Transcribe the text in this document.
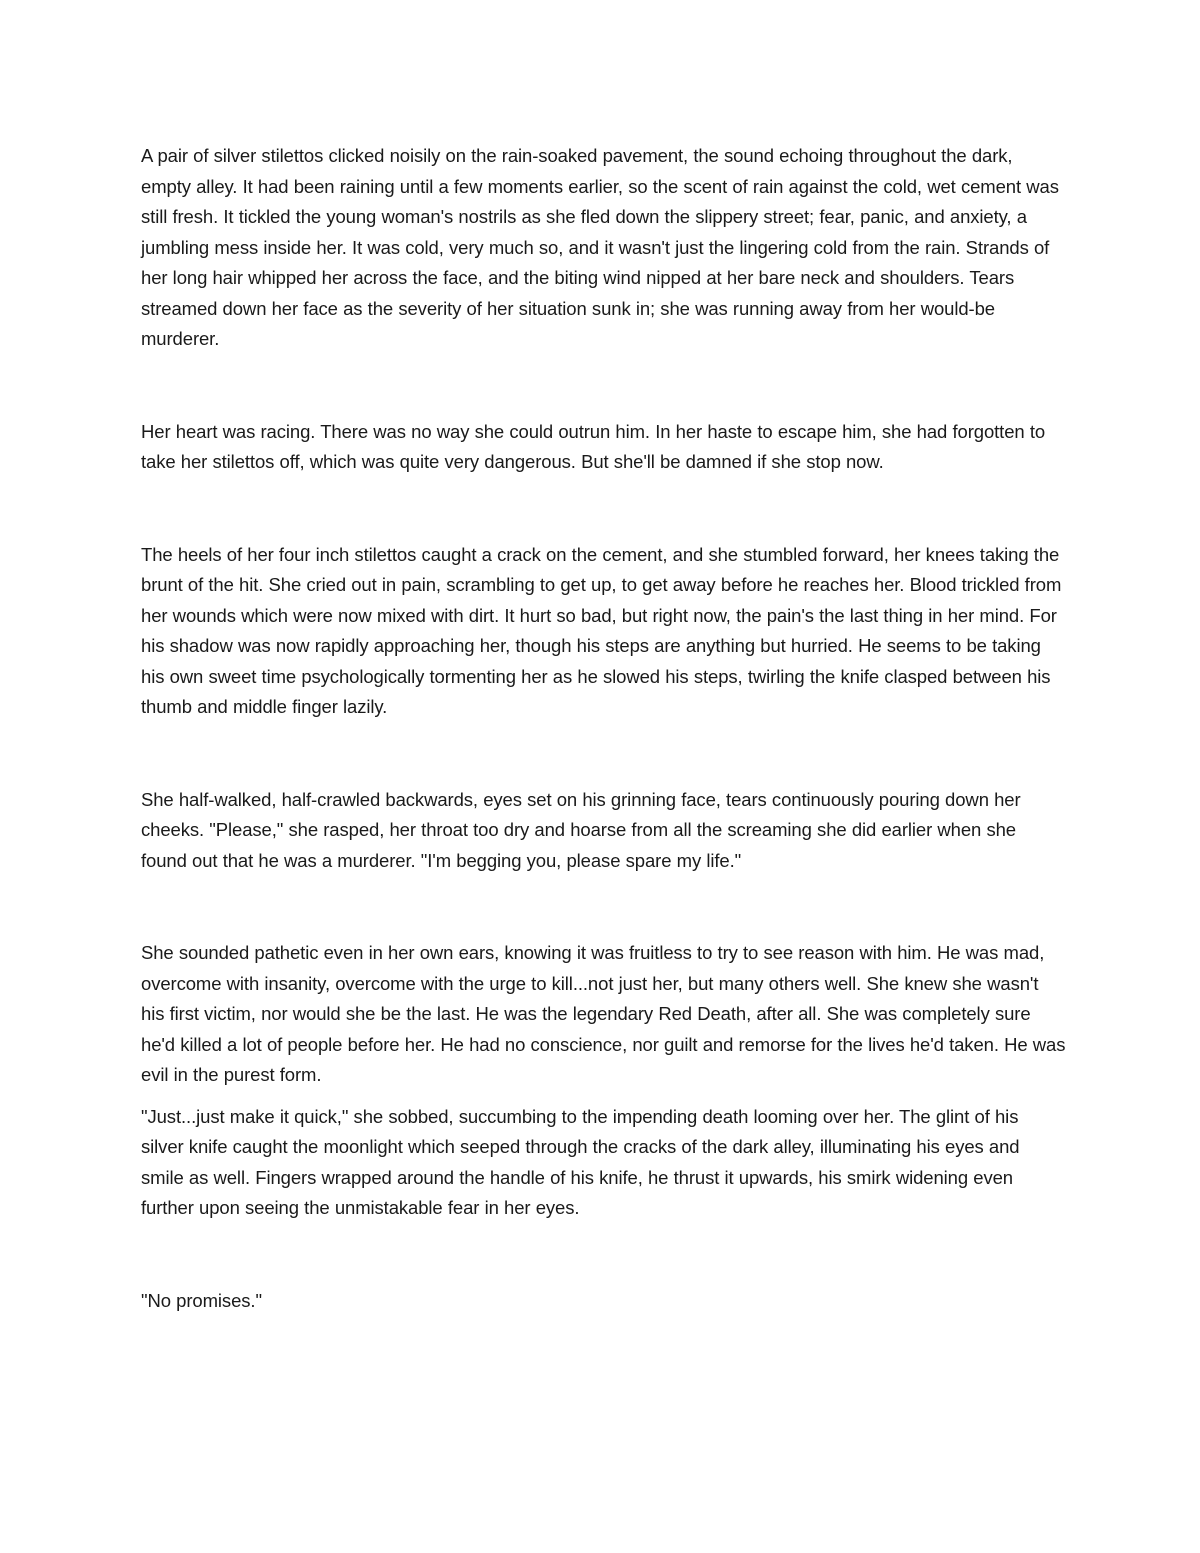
A pair of silver stilettos clicked noisily on the rain-soaked pavement, the sound echoing throughout the dark, empty alley. It had been raining until a few moments earlier, so the scent of rain against the cold, wet cement was still fresh. It tickled the young woman's nostrils as she fled down the slippery street; fear, panic, and anxiety, a jumbling mess inside her. It was cold, very much so, and it wasn't just the lingering cold from the rain. Strands of her long hair whipped her across the face, and the biting wind nipped at her bare neck and shoulders. Tears streamed down her face as the severity of her situation sunk in; she was running away from her would-be murderer.

Her heart was racing. There was no way she could outrun him. In her haste to escape him, she had forgotten to take her stilettos off, which was quite very dangerous. But she'll be damned if she stop now.

The heels of her four inch stilettos caught a crack on the cement, and she stumbled forward, her knees taking the brunt of the hit. She cried out in pain, scrambling to get up, to get away before he reaches her. Blood trickled from her wounds which were now mixed with dirt. It hurt so bad, but right now, the pain's the last thing in her mind. For his shadow was now rapidly approaching her, though his steps are anything but hurried. He seems to be taking his own sweet time psychologically tormenting her as he slowed his steps, twirling the knife clasped between his thumb and middle finger lazily.

She half-walked, half-crawled backwards, eyes set on his grinning face, tears continuously pouring down her cheeks. "Please," she rasped, her throat too dry and hoarse from all the screaming she did earlier when she found out that he was a murderer. "I'm begging you, please spare my life."

She sounded pathetic even in her own ears, knowing it was fruitless to try to see reason with him. He was mad, overcome with insanity, overcome with the urge to kill...not just her, but many others well. She knew she wasn't his first victim, nor would she be the last. He was the legendary Red Death, after all. She was completely sure he'd killed a lot of people before her. He had no conscience, nor guilt and remorse for the lives he'd taken. He was evil in the purest form.

"Just...just make it quick," she sobbed, succumbing to the impending death looming over her. The glint of his silver knife caught the moonlight which seeped through the cracks of the dark alley, illuminating his eyes and smile as well. Fingers wrapped around the handle of his knife, he thrust it upwards, his smirk widening even further upon seeing the unmistakable fear in her eyes.

"No promises."
